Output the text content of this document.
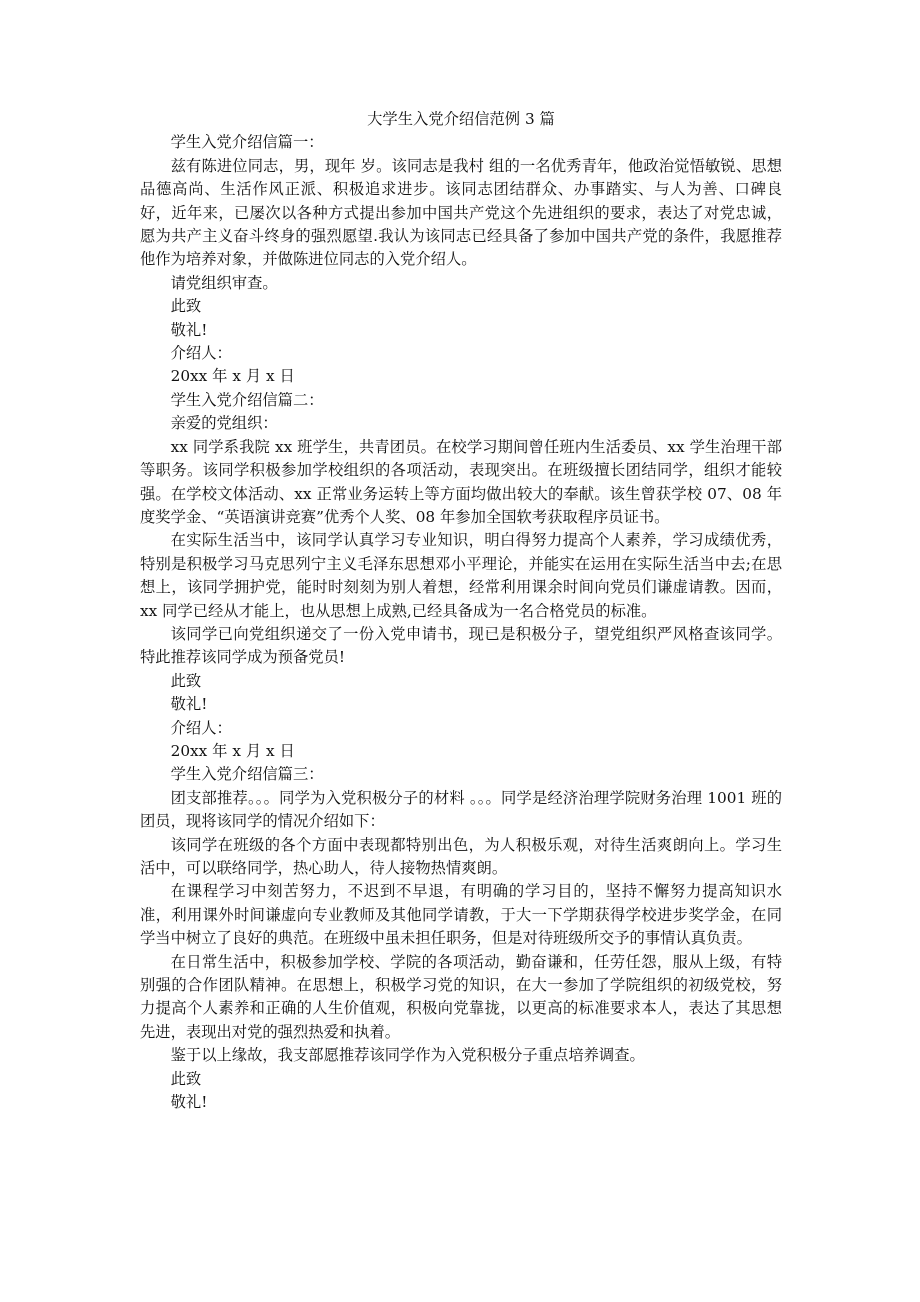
大学生入党介绍信范例 3 篇

学生入党介绍信篇一：

兹有陈进位同志，男，现年 岁。该同志是我村 组的一名优秀青年，他政治觉悟敏锐、思想品德高尚、生活作风正派、积极追求进步。该同志团结群众、办事踏实、与人为善、口碑良好，近年来，已屡次以各种方式提出参加中国共产党这个先进组织的要求，表达了对党忠诚，愿为共产主义奋斗终身的强烈愿望.我认为该同志已经具备了参加中国共产党的条件，我愿推荐他作为培养对象，并做陈进位同志的入党介绍人。

请党组织审查。

此致

敬礼!

介绍人：

20xx 年 x 月 x 日

学生入党介绍信篇二：

亲爱的党组织：

xx 同学系我院 xx 班学生，共青团员。在校学习期间曾任班内生活委员、xx 学生治理干部等职务。该同学积极参加学校组织的各项活动，表现突出。在班级擅长团结同学，组织才能较强。在学校文体活动、xx 正常业务运转上等方面均做出较大的奉献。该生曾获学校 07、08 年度奖学金、“英语演讲竞赛”优秀个人奖、08 年参加全国软考获取程序员证书。

在实际生活当中，该同学认真学习专业知识，明白得努力提高个人素养，学习成绩优秀，特别是积极学习马克思列宁主义毛泽东思想邓小平理论，并能实在运用在实际生活当中去;在思想上，该同学拥护党，能时时刻刻为别人着想，经常利用课余时间向党员们谦虚请教。因而，xx 同学已经从才能上，也从思想上成熟,已经具备成为一名合格党员的标准。

该同学已向党组织递交了一份入党申请书，现已是积极分子，望党组织严风格查该同学。 特此推荐该同学成为预备党员!

此致

敬礼!

介绍人：

20xx 年 x 月 x 日

学生入党介绍信篇三：

团支部推荐。。。同学为入党积极分子的材料 。。。同学是经济治理学院财务治理 1001 班的团员，现将该同学的情况介绍如下：

该同学在班级的各个方面中表现都特别出色，为人积极乐观，对待生活爽朗向上。学习生活中，可以联络同学，热心助人，待人接物热情爽朗。

在课程学习中刻苦努力，不迟到不早退，有明确的学习目的，坚持不懈努力提高知识水准，利用课外时间谦虚向专业教师及其他同学请教，于大一下学期获得学校进步奖学金，在同学当中树立了良好的典范。在班级中虽未担任职务，但是对待班级所交予的事情认真负责。

在日常生活中，积极参加学校、学院的各项活动，勤奋谦和，任劳任怨，服从上级，有特别强的合作团队精神。在思想上，积极学习党的知识，在大一参加了学院组织的初级党校，努力提高个人素养和正确的人生价值观，积极向党靠拢，以更高的标准要求本人，表达了其思想先进，表现出对党的强烈热爱和执着。

鉴于以上缘故，我支部愿推荐该同学作为入党积极分子重点培养调查。

此致

敬礼!
